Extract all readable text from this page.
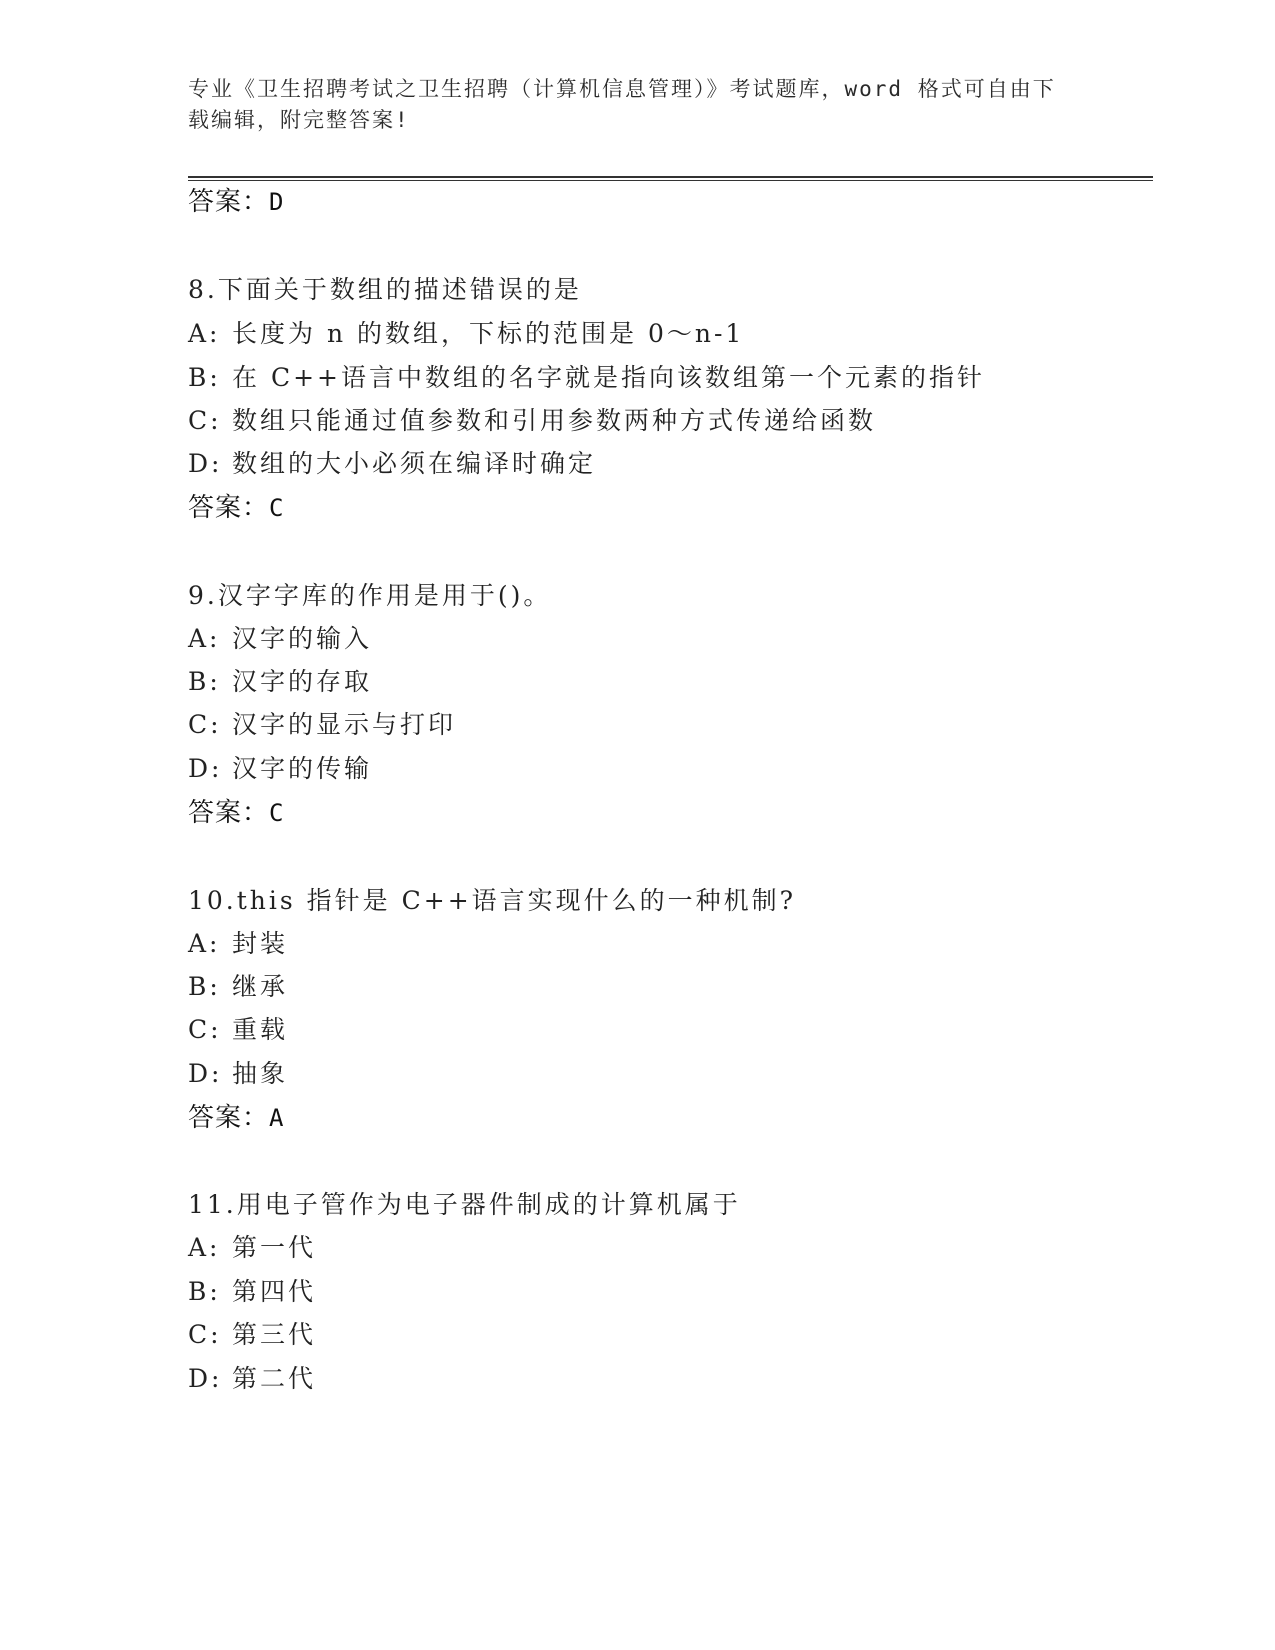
专业《卫生招聘考试之卫生招聘（计算机信息管理）》考试题库，word 格式可自由下载编辑，附完整答案!
答案：D
8.下面关于数组的描述错误的是
A: 长度为 n 的数组，下标的范围是 0～n-1
B: 在 C++语言中数组的名字就是指向该数组第一个元素的指针
C: 数组只能通过值参数和引用参数两种方式传递给函数
D: 数组的大小必须在编译时确定
答案：C
9.汉字字库的作用是用于()。
A: 汉字的输入
B: 汉字的存取
C: 汉字的显示与打印
D: 汉字的传输
答案：C
10.this 指针是 C++语言实现什么的一种机制?
A: 封装
B: 继承
C: 重载
D: 抽象
答案：A
11.用电子管作为电子器件制成的计算机属于
A: 第一代
B: 第四代
C: 第三代
D: 第二代
